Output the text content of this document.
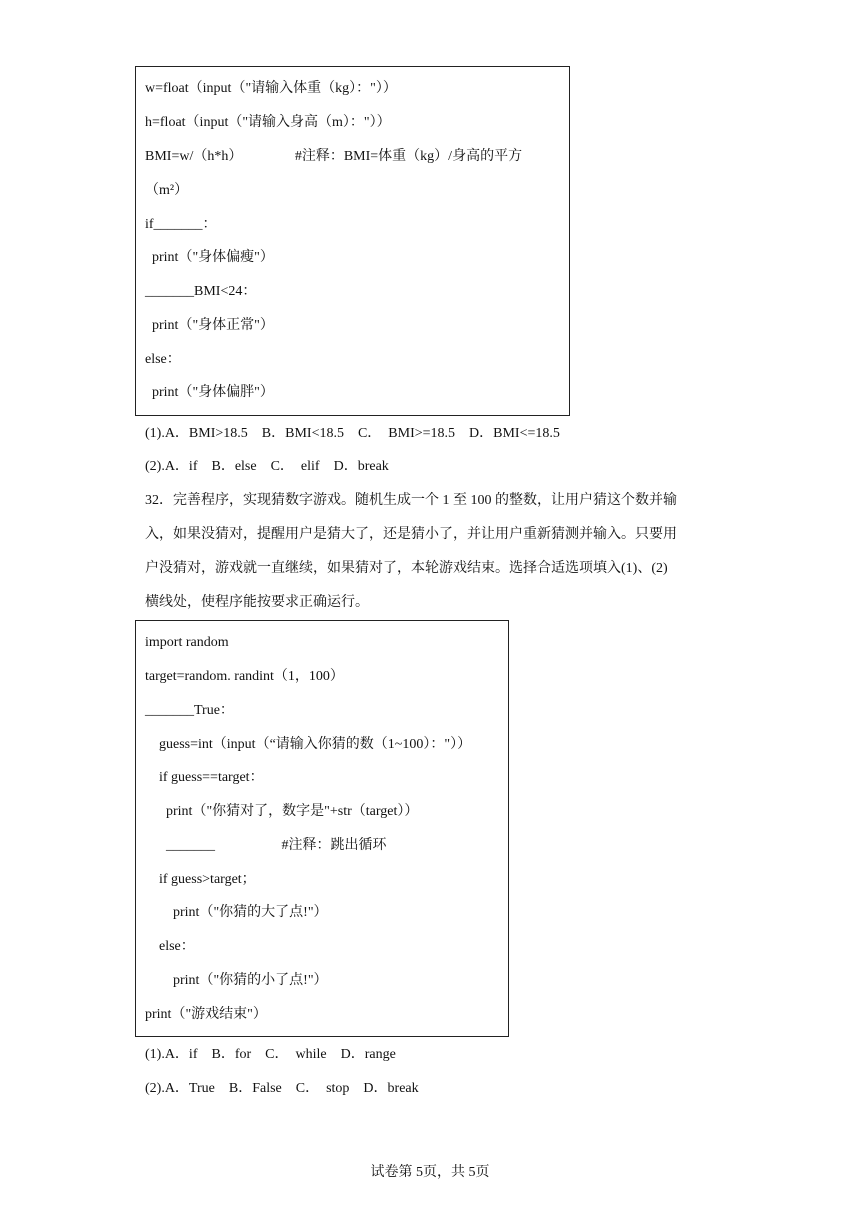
w=float（input（"请输入体重（kg）："））
h=float（input（"请输入身高（m）："））
BMI=w/（h*h）               #注释：BMI=体重（kg）/身高的平方
（m²）
if_______：
print（"身体偏瘦"）
_______BMI<24：
print（"身体正常"）
else：
print（"身体偏胖"）
(1).A．BMI>18.5    B．BMI<18.5    C．  BMI>=18.5    D．BMI<=18.5
(2).A．if    B．else    C．  elif    D．break
32．完善程序，实现猜数字游戏。随机生成一个 1 至 100 的整数，让用户猜这个数并输
入，如果没猜对，提醒用户是猜大了，还是猜小了，并让用户重新猜测并输入。只要用
户没猜对，游戏就一直继续，如果猜对了，本轮游戏结束。选择合适选项填入(1)、(2)
横线处，使程序能按要求正确运行。
import random
target=random. randint（1，100）
_______True：
guess=int（input（“请输入你猜的数（1~100）："））
if guess==target：
print（"你猜对了，数字是"+str（target））
_______                   #注释：跳出循环
if guess>target；
print（"你猜的大了点!"）
else：
print（"你猜的小了点!"）
print（"游戏结束"）
(1).A．if    B．for    C．  while    D．range
(2).A．True    B．False    C．  stop    D．break
试卷第 5页，共 5页
